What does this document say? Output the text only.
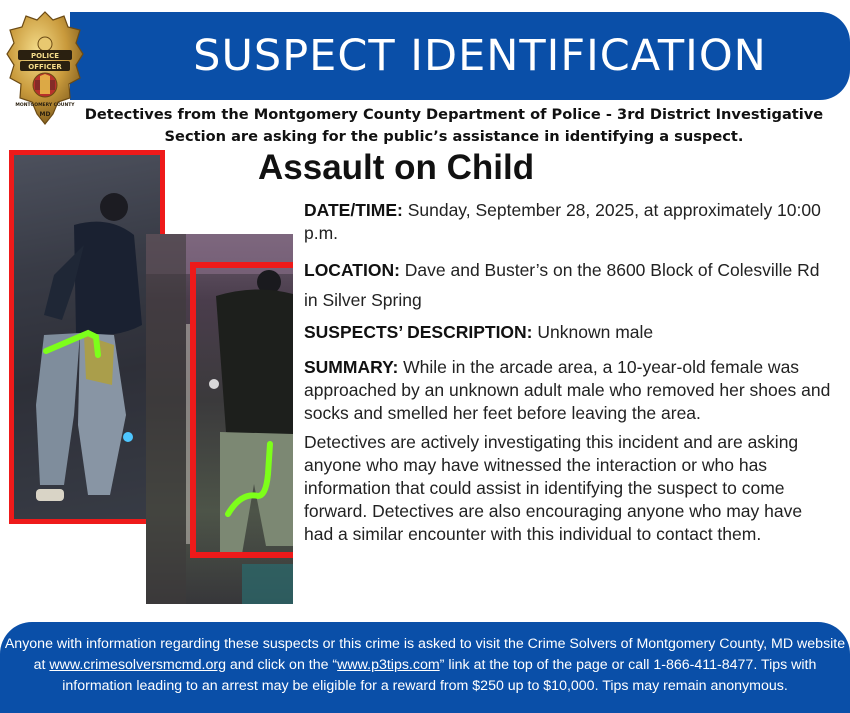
SUSPECT IDENTIFICATION
POLICE
OFFICER
MONTGOMERY COUNTY
MD Detectives from the Montgomery County Department of Police - 3rd District Investigative
Section are asking for the public’s assistance in identifying a suspect.
Assault on Child

DATE/TIME: Sunday, September 28, 2025, at approximately 10:00 p.m.

LOCATION: Dave and Buster’s on the 8600 Block of Colesville Rd in Silver Spring

SUSPECTS’ DESCRIPTION: Unknown male

SUMMARY: While in the arcade area, a 10-year-old female was approached by an unknown adult male who removed her shoes and socks and smelled her feet before leaving the area.

Detectives are actively investigating this incident and are asking anyone who may have witnessed the interaction or who has information that could assist in identifying the suspect to come forward. Detectives are also encouraging anyone who may have had a similar encounter with this individual to contact them.

Anyone with information regarding these suspects or this crime is asked to visit the Crime Solvers of Montgomery County, MD website at www.crimesolversmcmd.org and click on the “www.p3tips.com” link at the top of the page or call 1-866-411-8477. Tips with information leading to an arrest may be eligible for a reward from $250 up to $10,000. Tips may remain anonymous.
